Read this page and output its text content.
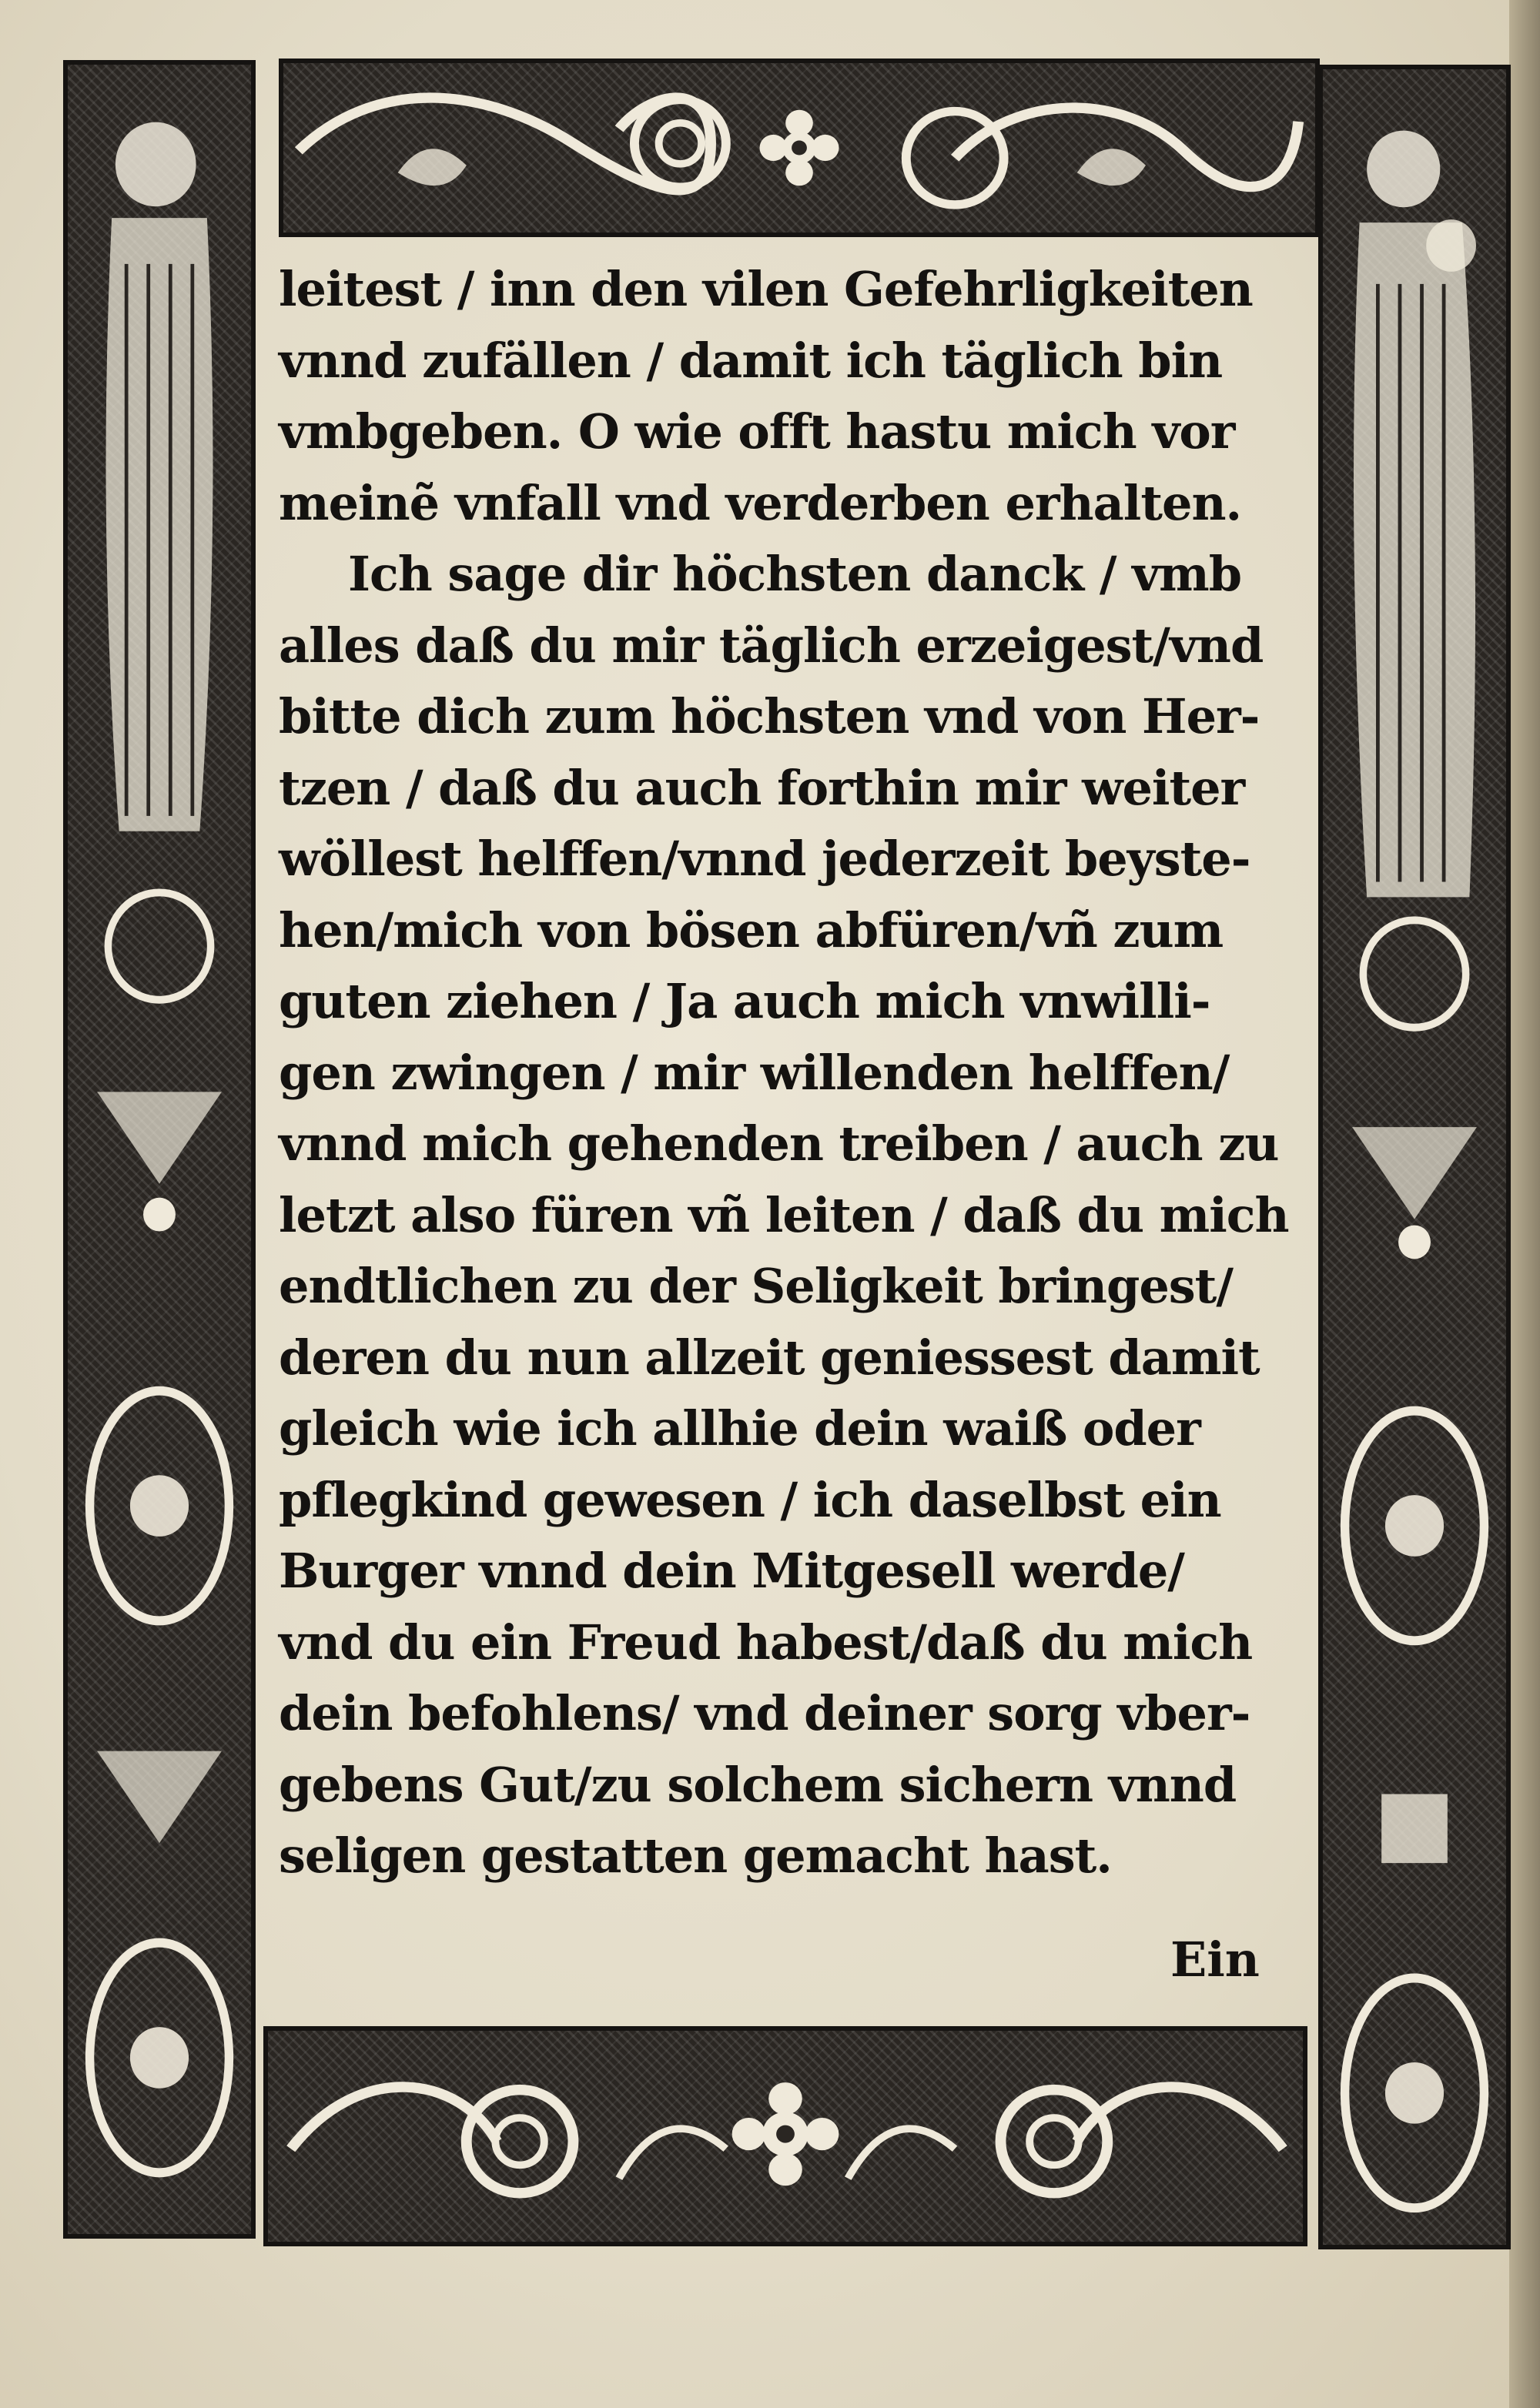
leitest / inn den vilen Gefehrligkeiten
vnnd zufällen / damit ich täglich bin
vmbgeben. O wie offt hastu mich vor
meinẽ vnfall vnd verderben erhalten.
Ich sage dir höchsten danck / vmb
alles daß du mir täglich erzeigest/vnd
bitte dich zum höchsten vnd von Her-
tzen / daß du auch forthin mir weiter
wöllest helffen/vnnd jederzeit beyste-
hen/mich von bösen abfüren/vñ zum
guten ziehen / Ja auch mich vnwilli-
gen zwingen / mir willenden helffen/
vnnd mich gehenden treiben / auch zu
letzt also füren vñ leiten / daß du mich
endtlichen zu der Seligkeit bringest/
deren du nun allzeit geniessest damit
gleich wie ich allhie dein waiß oder
pflegkind gewesen / ich daselbst ein
Burger vnnd dein Mitgesell werde/
vnd du ein Freud habest/daß du mich
dein befohlens/ vnd deiner sorg vber-
gebens Gut/zu solchem sichern vnnd
seligen gestatten gemacht hast.
Ein
